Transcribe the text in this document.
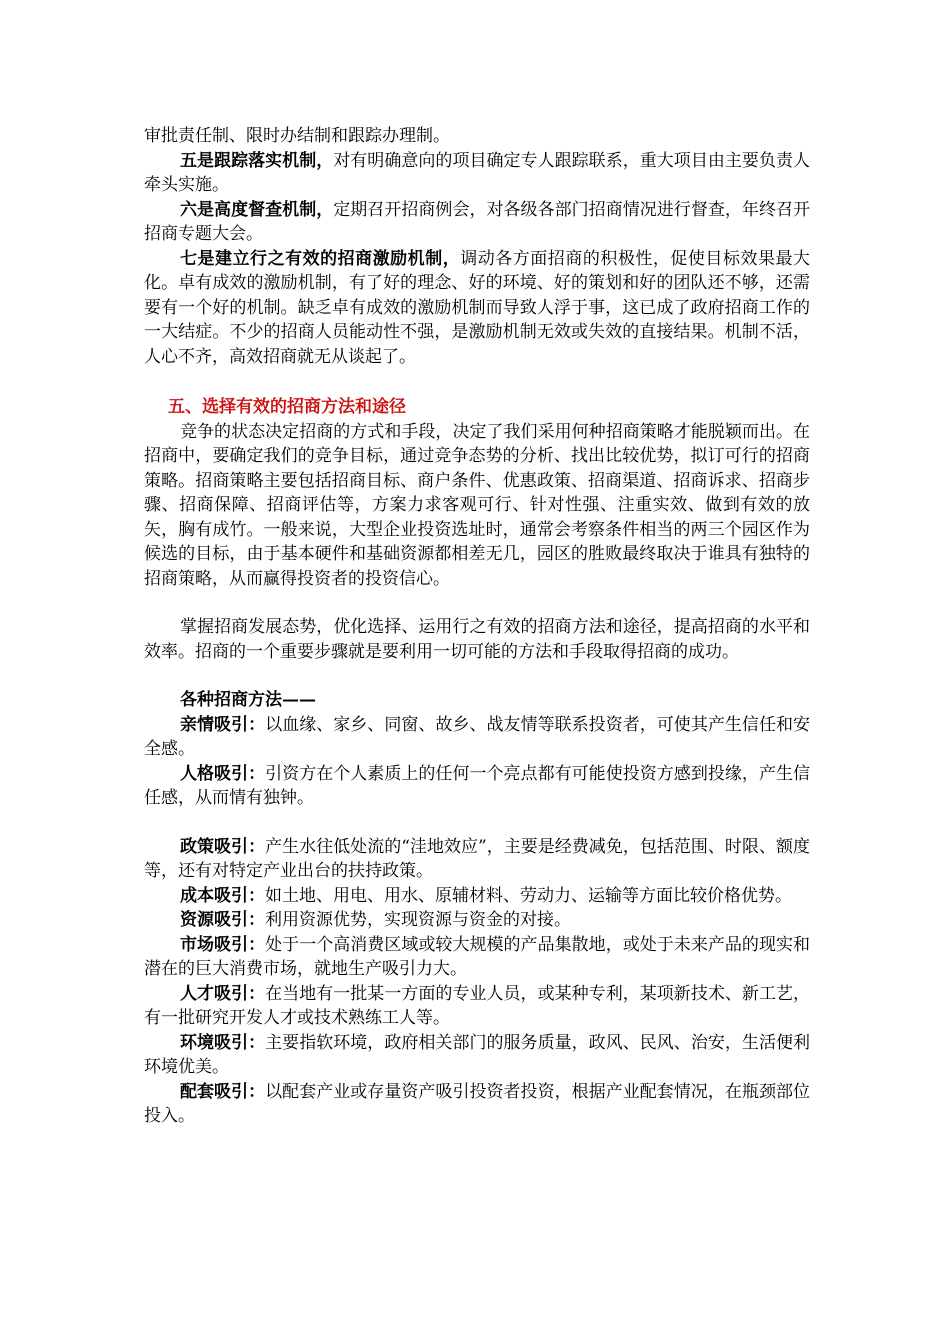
审批责任制、限时办结制和跟踪办理制。

五是跟踪落实机制，对有明确意向的项目确定专人跟踪联系，重大项目由主要负责人牵头实施。

六是高度督查机制，定期召开招商例会，对各级各部门招商情况进行督查，年终召开招商专题大会。

七是建立行之有效的招商激励机制，调动各方面招商的积极性，促使目标效果最大化。卓有成效的激励机制，有了好的理念、好的环境、好的策划和好的团队还不够，还需要有一个好的机制。缺乏卓有成效的激励机制而导致人浮于事，这已成了政府招商工作的一大结症。不少的招商人员能动性不强，是激励机制无效或失效的直接结果。机制不活，人心不齐，高效招商就无从谈起了。

五、选择有效的招商方法和途径

竞争的状态决定招商的方式和手段，决定了我们采用何种招商策略才能脱颖而出。在招商中，要确定我们的竞争目标，通过竞争态势的分析、找出比较优势，拟订可行的招商策略。招商策略主要包括招商目标、商户条件、优惠政策、招商渠道、招商诉求、招商步骤、招商保障、招商评估等，方案力求客观可行、针对性强、注重实效、做到有效的放矢，胸有成竹。一般来说，大型企业投资选址时，通常会考察条件相当的两三个园区作为候选的目标，由于基本硬件和基础资源都相差无几，园区的胜败最终取决于谁具有独特的招商策略，从而赢得投资者的投资信心。

掌握招商发展态势，优化选择、运用行之有效的招商方法和途径，提高招商的水平和效率。招商的一个重要步骤就是要利用一切可能的方法和手段取得招商的成功。

各种招商方法——

亲情吸引：以血缘、家乡、同窗、故乡、战友情等联系投资者，可使其产生信任和安全感。

人格吸引：引资方在个人素质上的任何一个亮点都有可能使投资方感到投缘，产生信任感，从而情有独钟。

政策吸引：产生水往低处流的“洼地效应”，主要是经费减免，包括范围、时限、额度等，还有对特定产业出台的扶持政策。

成本吸引：如土地、用电、用水、原辅材料、劳动力、运输等方面比较价格优势。

资源吸引：利用资源优势，实现资源与资金的对接。

市场吸引：处于一个高消费区域或较大规模的产品集散地，或处于未来产品的现实和潜在的巨大消费市场，就地生产吸引力大。

人才吸引：在当地有一批某一方面的专业人员，或某种专利，某项新技术、新工艺，有一批研究开发人才或技术熟练工人等。

环境吸引：主要指软环境，政府相关部门的服务质量，政风、民风、治安，生活便利环境优美。

配套吸引：以配套产业或存量资产吸引投资者投资，根据产业配套情况，在瓶颈部位投入。
